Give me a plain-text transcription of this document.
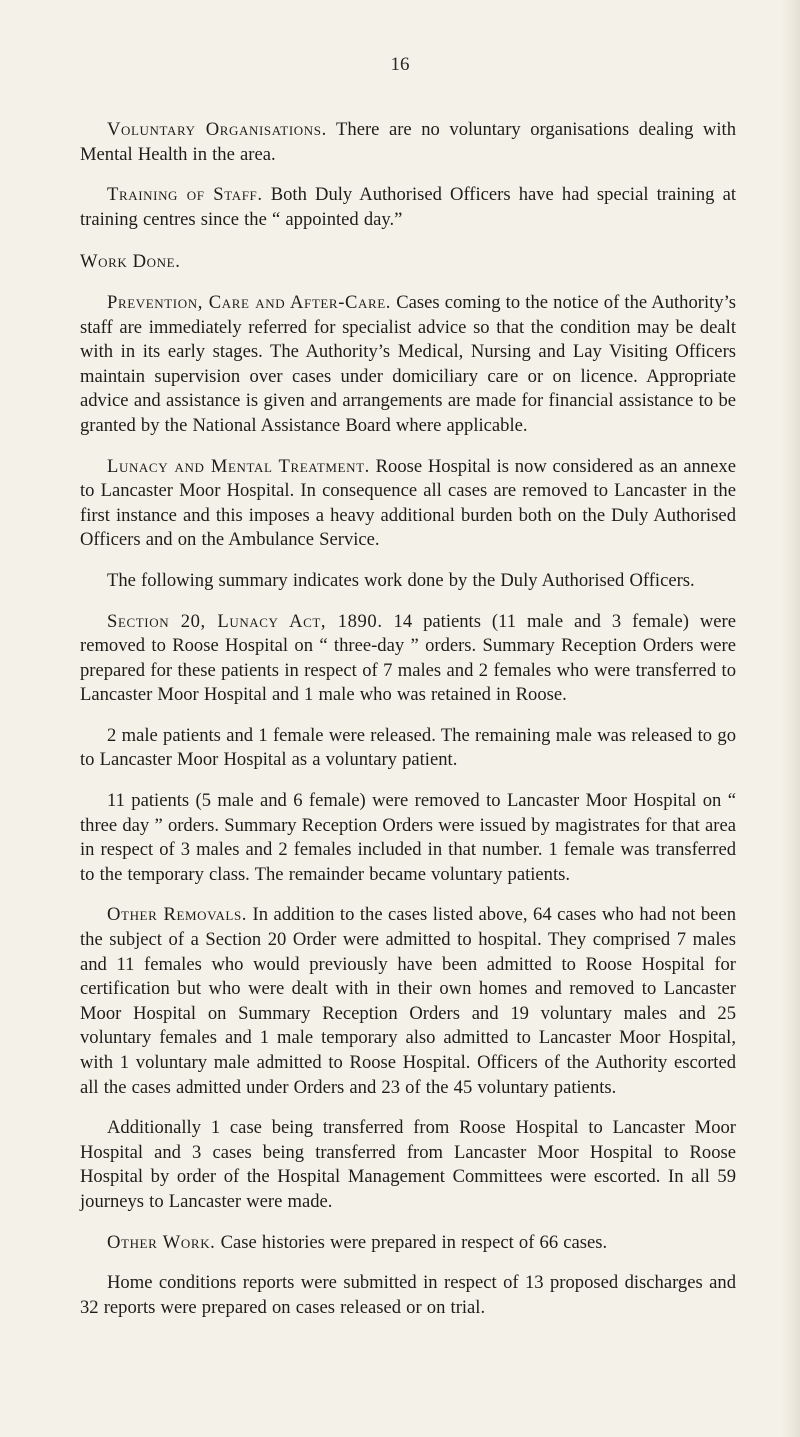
16

Voluntary Organisations. There are no voluntary organisations dealing with Mental Health in the area.

Training of Staff. Both Duly Authorised Officers have had special training at training centres since the “ appointed day.”

Work Done.

Prevention, Care and After-Care. Cases coming to the notice of the Authority’s staff are immediately referred for specialist advice so that the condition may be dealt with in its early stages. The Authority’s Medical, Nursing and Lay Visiting Officers maintain supervision over cases under domiciliary care or on licence. Appropriate advice and assistance is given and arrangements are made for financial assistance to be granted by the National Assistance Board where applicable.

Lunacy and Mental Treatment. Roose Hospital is now considered as an annexe to Lancaster Moor Hospital. In consequence all cases are removed to Lancaster in the first instance and this imposes a heavy additional burden both on the Duly Authorised Officers and on the Ambulance Service.

The following summary indicates work done by the Duly Authorised Officers.

Section 20, Lunacy Act, 1890. 14 patients (11 male and 3 female) were removed to Roose Hospital on “ three-day ” orders. Summary Reception Orders were prepared for these patients in respect of 7 males and 2 females who were transferred to Lancaster Moor Hospital and 1 male who was retained in Roose.

2 male patients and 1 female were released. The remaining male was released to go to Lancaster Moor Hospital as a voluntary patient.

11 patients (5 male and 6 female) were removed to Lancaster Moor Hospital on “ three day ” orders. Summary Reception Orders were issued by magistrates for that area in respect of 3 males and 2 females included in that number. 1 female was transferred to the temporary class. The remainder became voluntary patients.

Other Removals. In addition to the cases listed above, 64 cases who had not been the subject of a Section 20 Order were admitted to hospital. They comprised 7 males and 11 females who would previously have been admitted to Roose Hospital for certification but who were dealt with in their own homes and removed to Lancaster Moor Hospital on Summary Reception Orders and 19 voluntary males and 25 voluntary females and 1 male temporary also admitted to Lancaster Moor Hospital, with 1 voluntary male admitted to Roose Hospital. Officers of the Authority escorted all the cases admitted under Orders and 23 of the 45 voluntary patients.

Additionally 1 case being transferred from Roose Hospital to Lancaster Moor Hospital and 3 cases being transferred from Lancaster Moor Hospital to Roose Hospital by order of the Hospital Management Committees were escorted. In all 59 journeys to Lancaster were made.

Other Work. Case histories were prepared in respect of 66 cases.

Home conditions reports were submitted in respect of 13 proposed discharges and 32 reports were prepared on cases released or on trial.
